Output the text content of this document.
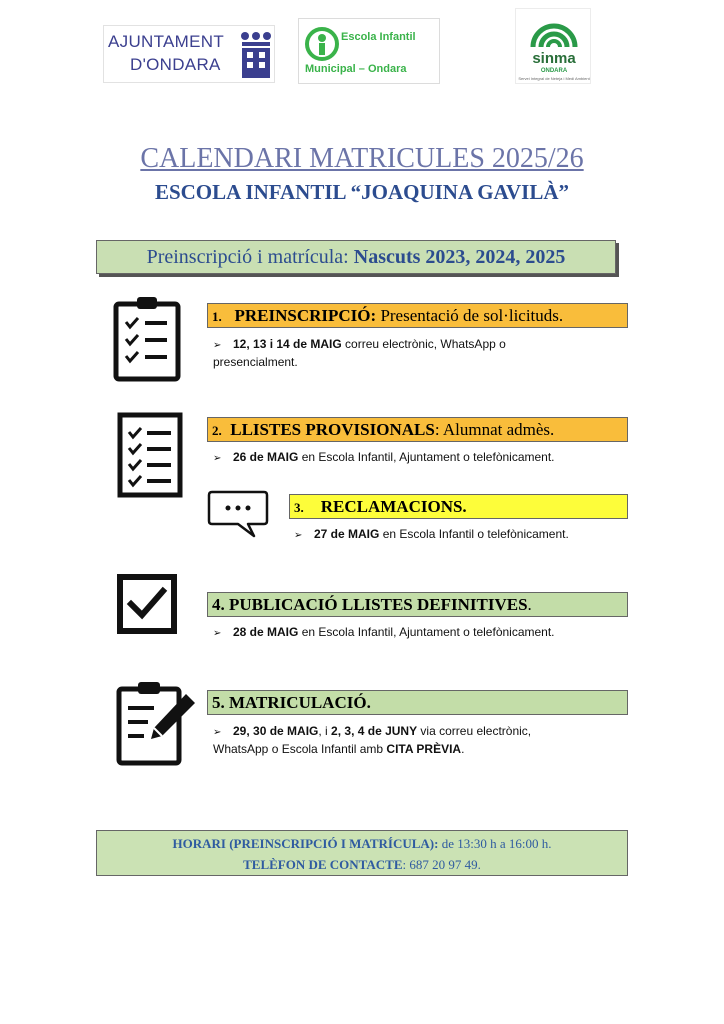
AJUNTAMENT
D'ONDARA
Escola Infantil
Municipal – Ondara
sinma
ONDARA
Servei Integral de Neteja i Medi Ambient
CALENDARI MATRICULES 2025/26
ESCOLA INFANTIL “JOAQUINA GAVILÀ”
Preinscripció i matrícula: Nascuts 2023, 2024, 2025
1. PREINSCRIPCIÓ: Presentació de sol·licituds.
➢ 12, 13 i 14 de MAIG correu electrònic, WhatsApp o
presencialment.
2. LLISTES PROVISIONALS: Alumnat admès.
➢ 26 de MAIG en Escola Infantil, Ajuntament o telefònicament.
3. RECLAMACIONS.
➢ 27 de MAIG en Escola Infantil o telefònicament.
4. PUBLICACIÓ LLISTES DEFINITIVES.
➢ 28 de MAIG en Escola Infantil, Ajuntament o telefònicament.
5. MATRICULACIÓ.
➢ 29, 30 de MAIG, i 2, 3, 4 de JUNY via correu electrònic,
WhatsApp o Escola Infantil amb CITA PRÈVIA.
HORARI (PREINSCRIPCIÓ I MATRÍCULA): de 13:30 h a 16:00 h.
TELÈFON DE CONTACTE: 687 20 97 49.
